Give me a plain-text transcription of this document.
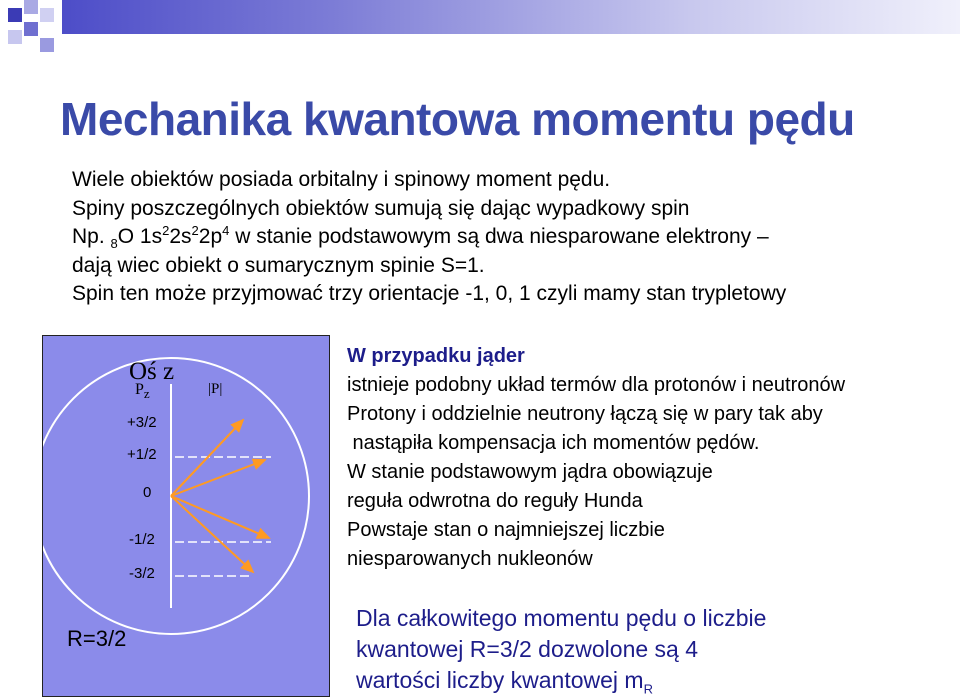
Mechanika kwantowa momentu pędu
Wiele obiektów posiada orbitalny i spinowy moment pędu.
Spiny poszczególnych obiektów sumują się dając wypadkowy spin
Np. $_8$O $1s^22s^22p^4$ w stanie podstawowym są dwa niesparowane elektrony –
dają wiec obiekt o sumarycznym spinie S=1.
Spin ten może przyjmować trzy orientacje -1, 0, 1 czyli mamy stan trypletowy
Oś z
$P_z$	|P|
+3/2
+1/2
0
-1/2
-3/2
R=3/2
W przypadku jąder
istnieje podobny układ termów dla protonów i neutronów
Protony i oddzielnie neutrony łączą się w pary tak aby
nastąpiła kompensacja ich momentów pędów.
W stanie podstawowym jądra obowiązuje
reguła odwrotna do reguły Hunda
Powstaje stan o najmniejszej liczbie
niesparowanych nukleonów
Dla całkowitego momentu pędu o liczbie
kwantowej R=3/2 dozwolone są 4
wartości liczby kwantowej $m_R$
